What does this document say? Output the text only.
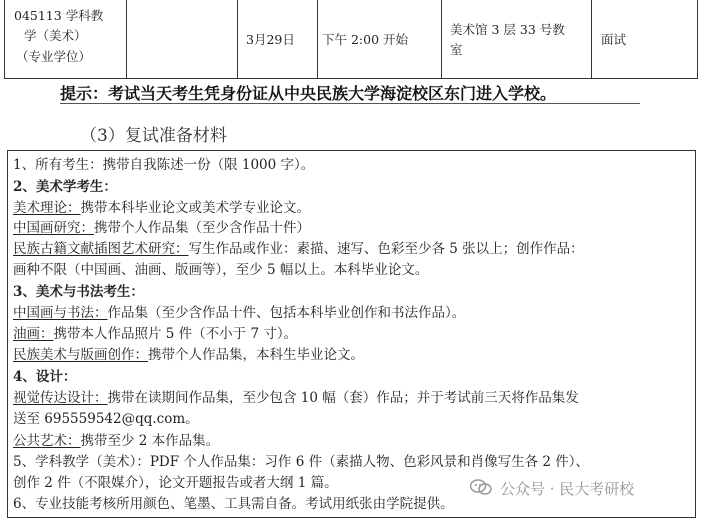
045113 学科教
学（美术）
（专业学位）
3月29日 下午 2:00 开始
美术馆 3 层 33 号教
室
面试
提示：考试当天考生凭身份证从中央民族大学海淀校区东门进入学校。
（3）复试准备材料
1、所有考生：携带自我陈述一份（限 1000 字）。
2、美术学考生：
美术理论：携带本科毕业论文或美术学专业论文。
中国画研究：携带个人作品集（至少含作品十件）
民族古籍文献插图艺术研究：写生作品或作业：素描、速写、色彩至少各 5 张以上；创作作品：
画种不限（中国画、油画、版画等），至少 5 幅以上。本科毕业论文。
3、美术与书法考生：
中国画与书法：作品集（至少含作品十件、包括本科毕业创作和书法作品）。
油画：携带本人作品照片 5 件（不小于 7 寸）。
民族美术与版画创作：携带个人作品集，本科生毕业论文。
4、设计：
视觉传达设计：携带在读期间作品集，至少包含 10 幅（套）作品；并于考试前三天将作品集发
送至 695559542@qq.com。
公共艺术：携带至少 2 本作品集。
5、学科教学（美术）：PDF 个人作品集：习作 6 件（素描人物、色彩风景和肖像写生各 2 件）、
创作 2 件（不限媒介），论文开题报告或者大纲 1 篇。
6、专业技能考核所用颜色、笔墨、工具需自备。考试用纸张由学院提供。
公众号 · 民大考研校
